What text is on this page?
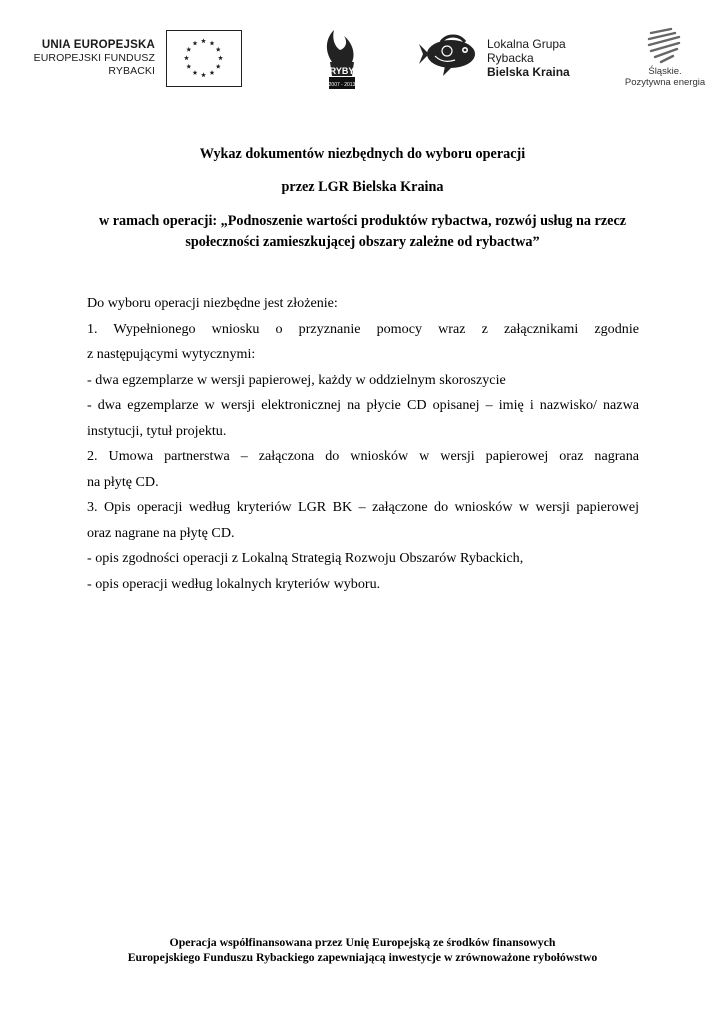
UNIA EUROPEJSKA
EUROPEJSKI FUNDUSZ
RYBACKI	RYBY
2007 - 2013
Lokalna Grupa
Rybacka
Bielska Kraina	Śląskie.
Pozytywna energia
Wykaz dokumentów niezbędnych do wyboru operacji
przez LGR Bielska Kraina
w ramach operacji: „Podnoszenie wartości produktów rybactwa, rozwój usług na rzecz społeczności zamieszkującej obszary zależne od rybactwa”

Do wyboru operacji niezbędne jest złożenie:

1. Wypełnionego wniosku o przyznanie pomocy wraz z załącznikami zgodnie

z następującymi wytycznymi:

- dwa egzemplarze w wersji papierowej, każdy w oddzielnym skoroszycie

- dwa egzemplarze w wersji elektronicznej na płycie CD opisanej – imię i nazwisko/ nazwa

instytucji, tytuł projektu.

2. Umowa partnerstwa – załączona do wniosków w wersji papierowej oraz nagrana

na płytę CD.

3. Opis operacji według kryteriów LGR BK – załączone do wniosków w wersji papierowej

oraz nagrane na płytę CD.

- opis zgodności operacji z Lokalną Strategią Rozwoju Obszarów Rybackich,

- opis operacji według lokalnych kryteriów wyboru.

Operacja współfinansowana przez Unię Europejską ze środków finansowych
Europejskiego Funduszu Rybackiego zapewniającą inwestycje w zrównoważone rybołówstwo
